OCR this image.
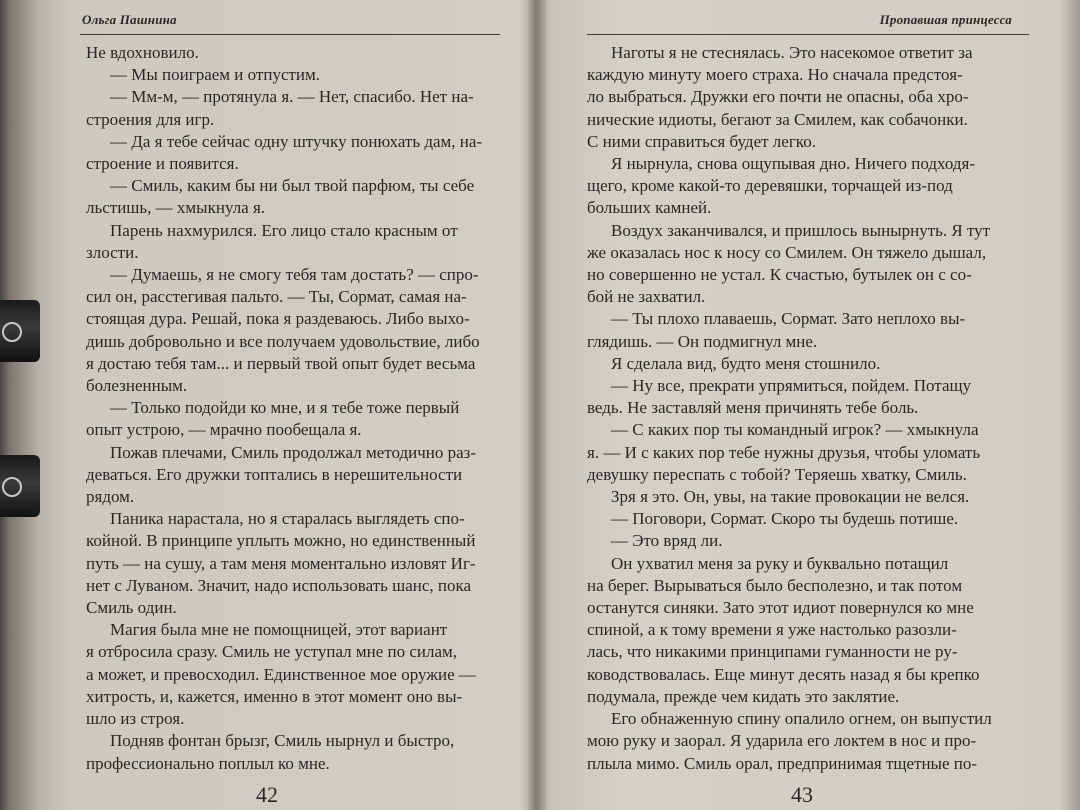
Ольга Пашнина
Не вдохновило.
— Мы поиграем и отпустим.
— Мм-м, — протянула я. — Нет, спасибо. Нет на-
строения для игр.
— Да я тебе сейчас одну штучку понюхать дам, на-
строение и появится.
— Смиль, каким бы ни был твой парфюм, ты себе
льстишь, — хмыкнула я.
Парень нахмурился. Его лицо стало красным от
злости.
— Думаешь, я не смогу тебя там достать? — спро-
сил он, расстегивая пальто. — Ты, Сормат, самая на-
стоящая дура. Решай, пока я раздеваюсь. Либо выхо-
дишь добровольно и все получаем удовольствие, либо
я достаю тебя там... и первый твой опыт будет весьма
болезненным.
— Только подойди ко мне, и я тебе тоже первый
опыт устрою, — мрачно пообещала я.
Пожав плечами, Смиль продолжал методично раз-
деваться. Его дружки топтались в нерешительности
рядом.
Паника нарастала, но я старалась выглядеть спо-
койной. В принципе уплыть можно, но единственный
путь — на сушу, а там меня моментально изловят Иг-
нет с Луваном. Значит, надо использовать шанс, пока
Смиль один.
Магия была мне не помощницей, этот вариант
я отбросила сразу. Смиль не уступал мне по силам,
а может, и превосходил. Единственное мое оружие —
хитрость, и, кажется, именно в этот момент оно вы-
шло из строя.
Подняв фонтан брызг, Смиль нырнул и быстро,
профессионально поплыл ко мне.
42
Пропавшая принцесса
Наготы я не стеснялась. Это насекомое ответит за
каждую минуту моего страха. Но сначала предстоя-
ло выбраться. Дружки его почти не опасны, оба хро-
нические идиоты, бегают за Смилем, как собачонки.
С ними справиться будет легко.
Я нырнула, снова ощупывая дно. Ничего подходя-
щего, кроме какой-то деревяшки, торчащей из-под
больших камней.
Воздух заканчивался, и пришлось вынырнуть. Я тут
же оказалась нос к носу со Смилем. Он тяжело дышал,
но совершенно не устал. К счастью, бутылек он с со-
бой не захватил.
— Ты плохо плаваешь, Сормат. Зато неплохо вы-
глядишь. — Он подмигнул мне.
Я сделала вид, будто меня стошнило.
— Ну все, прекрати упрямиться, пойдем. Потащу
ведь. Не заставляй меня причинять тебе боль.
— С каких пор ты командный игрок? — хмыкнула
я. — И с каких пор тебе нужны друзья, чтобы уломать
девушку переспать с тобой? Теряешь хватку, Смиль.
Зря я это. Он, увы, на такие провокации не велся.
— Поговори, Сормат. Скоро ты будешь потише.
— Это вряд ли.
Он ухватил меня за руку и буквально потащил
на берег. Вырываться было бесполезно, и так потом
останутся синяки. Зато этот идиот повернулся ко мне
спиной, а к тому времени я уже настолько разозли-
лась, что никакими принципами гуманности не ру-
ководствовалась. Еще минут десять назад я бы крепко
подумала, прежде чем кидать это заклятие.
Его обнаженную спину опалило огнем, он выпустил
мою руку и заорал. Я ударила его локтем в нос и про-
плыла мимо. Смиль орал, предпринимая тщетные по-
43
